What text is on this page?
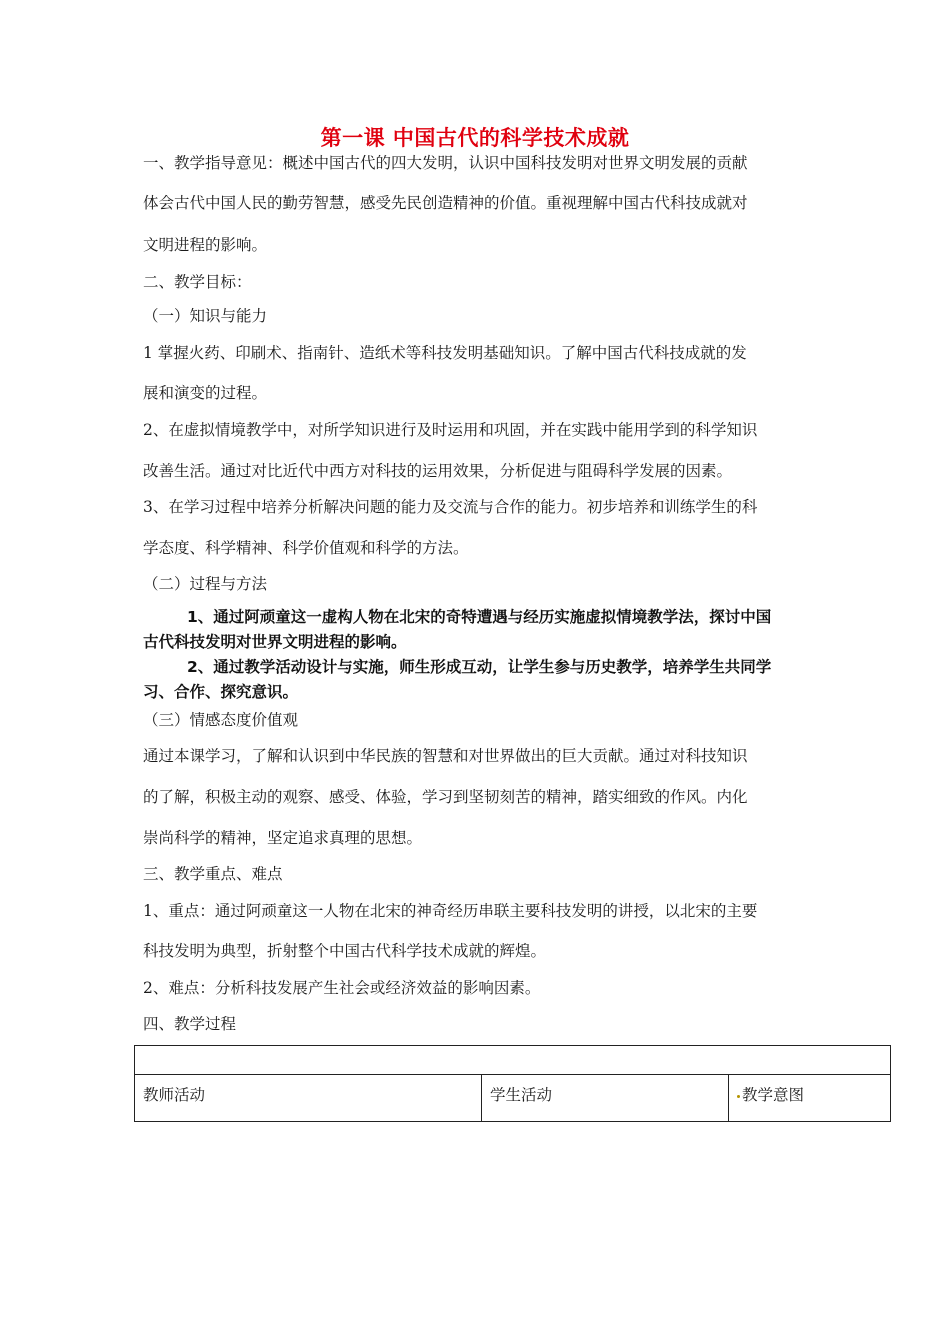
第一课 中国古代的科学技术成就
一、教学指导意见：概述中国古代的四大发明，认识中国科技发明对世界文明发展的贡献
体会古代中国人民的勤劳智慧，感受先民创造精神的价值。重视理解中国古代科技成就对
文明进程的影响。
二、教学目标：
（一）知识与能力
1 掌握火药、印刷术、指南针、造纸术等科技发明基础知识。了解中国古代科技成就的发
展和演变的过程。
2、在虚拟情境教学中，对所学知识进行及时运用和巩固，并在实践中能用学到的科学知识
改善生活。通过对比近代中西方对科技的运用效果，分析促进与阻碍科学发展的因素。
3、在学习过程中培养分析解决问题的能力及交流与合作的能力。初步培养和训练学生的科
学态度、科学精神、科学价值观和科学的方法。
（二）过程与方法
1、通过阿顽童这一虚构人物在北宋的奇特遭遇与经历实施虚拟情境教学法，探讨中国
古代科技发明对世界文明进程的影响。
2、通过教学活动设计与实施，师生形成互动，让学生参与历史教学，培养学生共同学
习、合作、探究意识。
（三）情感态度价值观
通过本课学习，了解和认识到中华民族的智慧和对世界做出的巨大贡献。通过对科技知识
的了解，积极主动的观察、感受、体验，学习到坚韧刻苦的精神，踏实细致的作风。内化
崇尚科学的精神，坚定追求真理的思想。
三、教学重点、难点
1、重点：通过阿顽童这一人物在北宋的神奇经历串联主要科技发明的讲授，以北宋的主要
科技发明为典型，折射整个中国古代科学技术成就的辉煌。
2、难点：分析科技发展产生社会或经济效益的影响因素。
四、教学过程

教师活动	学生活动	教学意图
